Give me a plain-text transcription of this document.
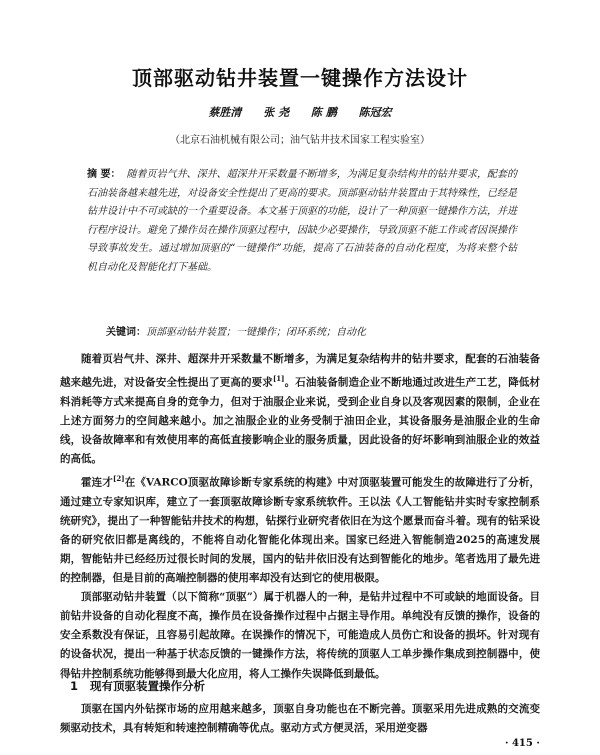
顶部驱动钻井装置一键操作方法设计
蔡胜清 张 尧 陈 鹏 陈冠宏
（北京石油机械有限公司；油气钻井技术国家工程实验室）
摘 要： 随着页岩气井、深井、超深井开采数量不断增多，为满足复杂结构井的钻井要求，配套的石油装备越来越先进，对设备安全性提出了更高的要求。顶部驱动钻井装置由于其特殊性，已经是钻井设计中不可或缺的一个重要设备。本文基于顶驱的功能，设计了一种顶驱一键操作方法，并进行程序设计。避免了操作员在操作顶驱过程中，因缺少必要操作，导致顶驱不能工作或者因误操作导致事故发生。通过增加顶驱的“一键操作”功能，提高了石油装备的自动化程度，为将来整个钻机自动化及智能化打下基础。
关键词：顶部驱动钻井装置；一键操作；闭环系统；自动化

随着页岩气井、深井、超深井开采数量不断增多，为满足复杂结构井的钻井要求，配套的石油装备越来越先进，对设备安全性提出了更高的要求[1]。石油装备制造企业不断地通过改进生产工艺，降低材料消耗等方式来提高自身的竞争力，但对于油服企业来说，受到企业自身以及客观因素的限制，企业在上述方面努力的空间越来越小。加之油服企业的业务受制于油田企业，其设备服务是油服企业的生命线，设备故障率和有效使用率的高低直接影响企业的服务质量，因此设备的好坏影响到油服企业的效益的高低。

霍连才[2]在《VARCO顶驱故障诊断专家系统的构建》中对顶驱装置可能发生的故障进行了分析，通过建立专家知识库，建立了一套顶驱故障诊断专家系统软件。王以法《人工智能钻井实时专家控制系统研究》，提出了一种智能钻井技术的构想，钻探行业研究者依旧在为这个愿景而奋斗着。现有的钻采设备的研究依旧都是离线的，不能将自动化智能化体现出来。国家已经进入智能制造2025的高速发展期，智能钻井已经经历过很长时间的发展，国内的钻井依旧没有达到智能化的地步。笔者选用了最先进的控制器，但是目前的高端控制器的使用率却没有达到它的使用极限。

顶部驱动钻井装置（以下简称“顶驱”）属于机器人的一种，是钻井过程中不可或缺的地面设备。目前钻井设备的自动化程度不高，操作员在设备操作过程中占据主导作用。单纯没有反馈的操作，设备的安全系数没有保证，且容易引起故障。在误操作的情况下，可能造成人员伤亡和设备的损坏。针对现有的设备状况，提出一种基于状态反馈的一键操作方法，将传统的顶驱人工单步操作集成到控制器中，使得钻井控制系统功能够得到最大化应用，将人工操作失误降低到最低。

1 现有顶驱装置操作分析
顶驱在国内外钻探市场的应用越来越多，顶驱自身功能也在不断完善。顶驱采用先进成熟的交流变频驱动技术，具有转矩和转速控制精确等优点。驱动方式方便灵活，采用逆变器
· 415 ·
